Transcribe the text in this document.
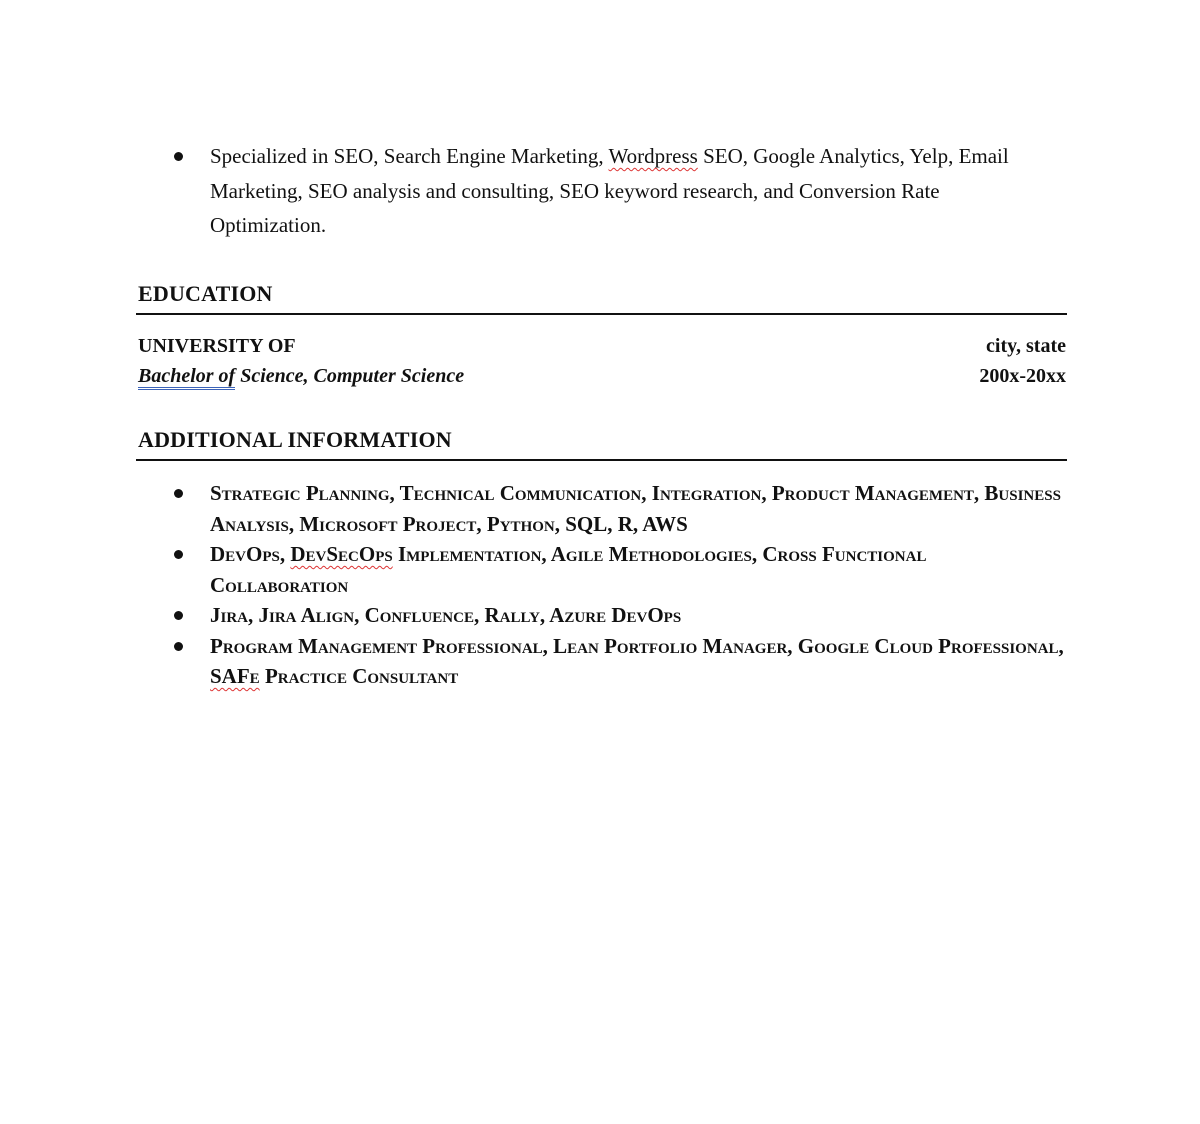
Specialized in SEO, Search Engine Marketing, Wordpress SEO, Google Analytics, Yelp, Email Marketing, SEO analysis and consulting, SEO keyword research, and Conversion Rate Optimization.
EDUCATION
UNIVERSITY OF	city, state
Bachelor of Science, Computer Science	200x-20xx
ADDITIONAL INFORMATION
Strategic Planning, Technical Communication, Integration, Product Management, Business Analysis, Microsoft Project, Python, SQL, R, AWS
DevOps, DevSecOps Implementation, Agile Methodologies, Cross Functional Collaboration
Jira, Jira Align, Confluence, Rally, Azure DevOps
Program Management Professional, Lean Portfolio Manager, Google Cloud Professional, SAFe Practice Consultant
